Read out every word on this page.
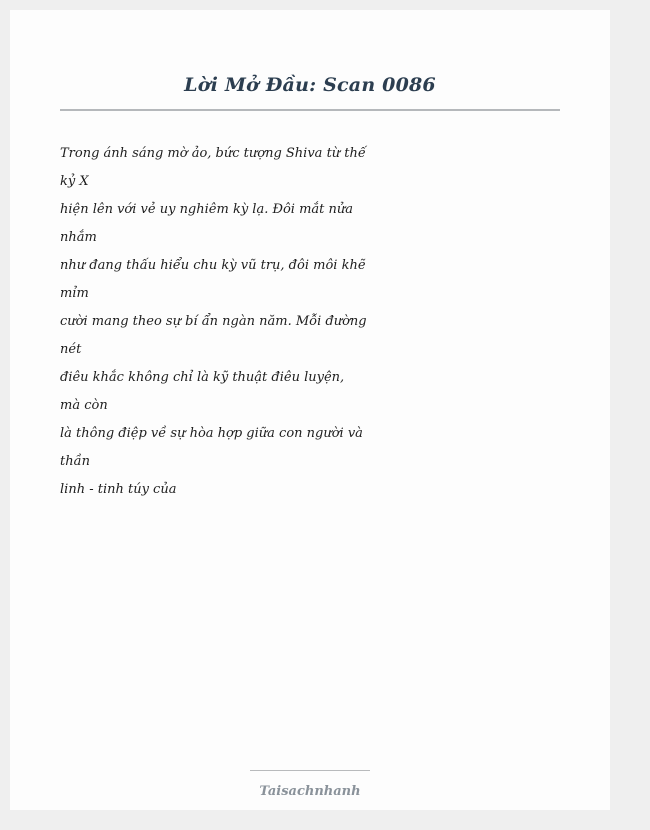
Lời Mở Đầu: Scan 0086
Trong ánh sáng mờ ảo, bức tượng Shiva từ thế
kỷ X
hiện lên với vẻ uy nghiêm kỳ lạ. Đôi mắt nửa
nhắm
như đang thấu hiểu chu kỳ vũ trụ, đôi môi khẽ
mỉm
cười mang theo sự bí ẩn ngàn năm. Mỗi đường
nét
điêu khắc không chỉ là kỹ thuật điêu luyện,
mà còn
là thông điệp về sự hòa hợp giữa con người và
thần
linh - tinh túy của
Taisachnhanh
